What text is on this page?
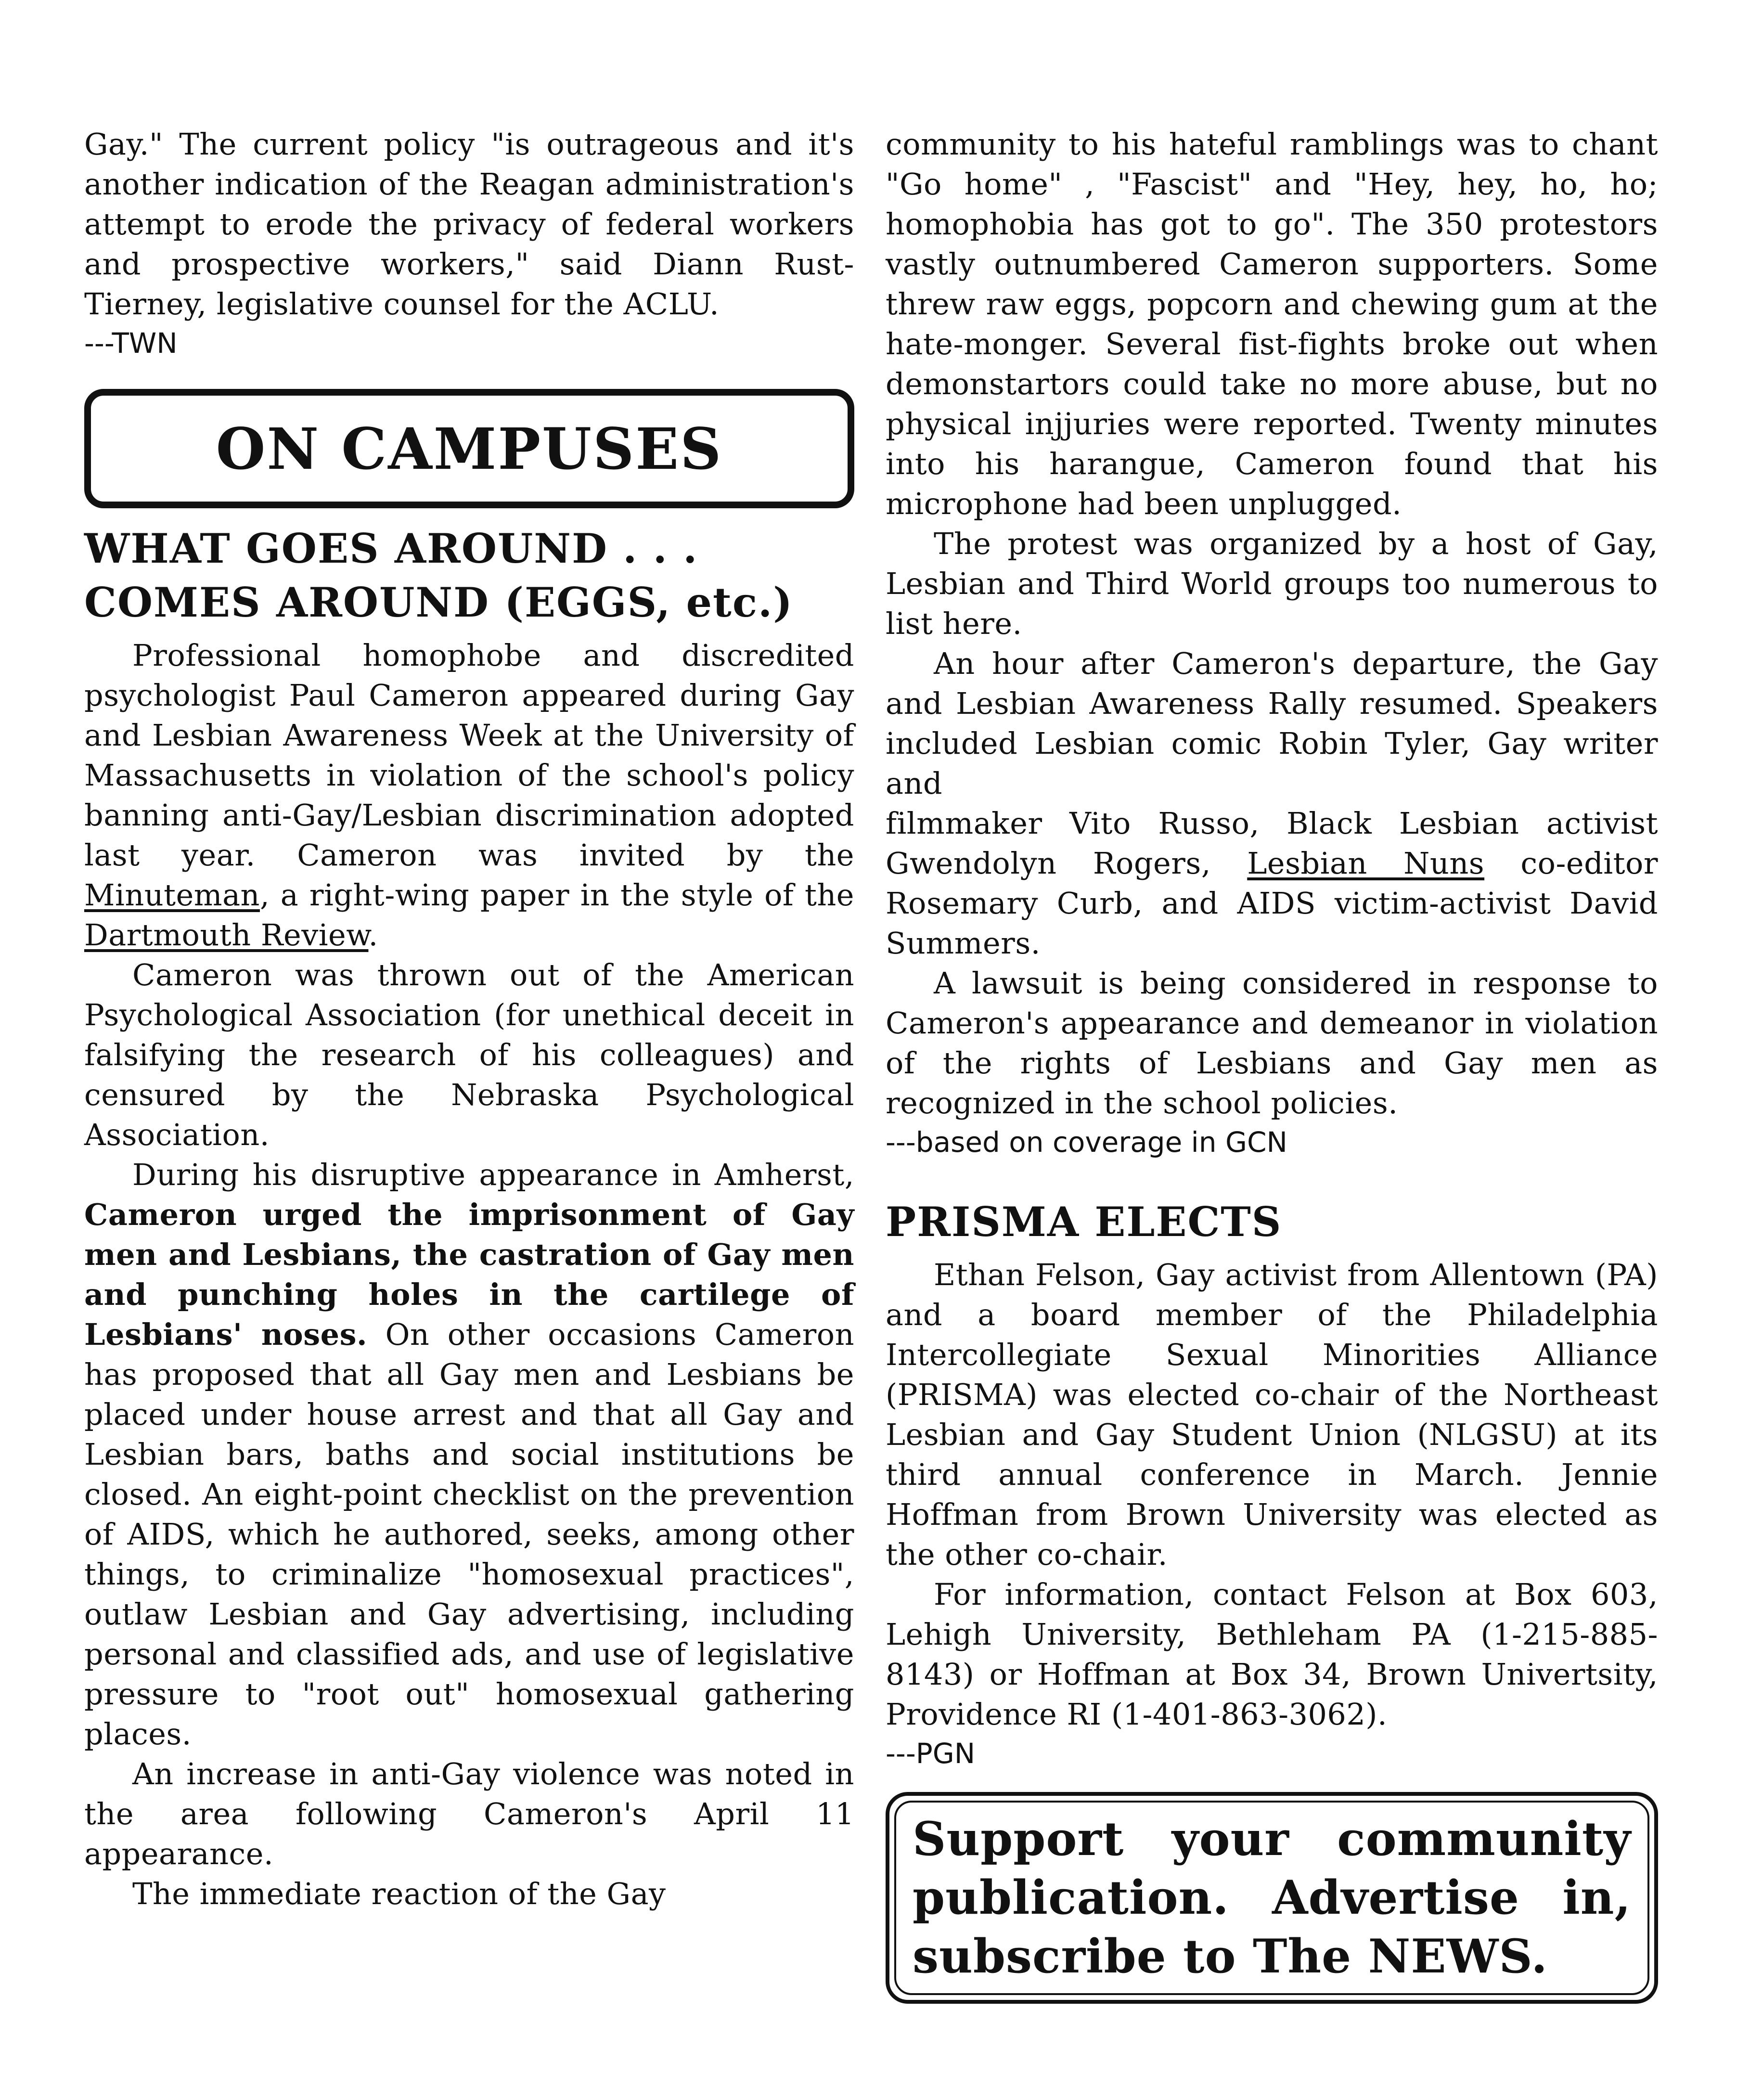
Gay." The current policy "is outrageous and it's another indication of the Reagan administration's attempt to erode the privacy of federal workers and prospective workers," said Diann Rust-Tierney, legislative counsel for the ACLU.

---TWN

ON CAMPUSES
WHAT GOES AROUND . . .
COMES AROUND (EGGS, etc.)

Professional homophobe and discredited psychologist Paul Cameron appeared during Gay and Lesbian Awareness Week at the University of Massachusetts in violation of the school's policy banning anti-Gay/Lesbian discrimination adopted last year. Cameron was invited by the Minuteman, a right-wing paper in the style of the Dartmouth Review.

Cameron was thrown out of the American Psychological Association (for unethical deceit in falsifying the research of his colleagues) and censured by the Nebraska Psychological Association.

During his disruptive appearance in Amherst, Cameron urged the imprisonment of Gay men and Lesbians, the castration of Gay men and punching holes in the cartilege of Lesbians' noses. On other occasions Cameron has proposed that all Gay men and Lesbians be placed under house arrest and that all Gay and Lesbian bars, baths and social institutions be closed. An eight-point checklist on the prevention of AIDS, which he authored, seeks, among other things, to criminalize "homosexual practices", outlaw Lesbian and Gay advertising, including personal and classified ads, and use of legislative pressure to "root out" homosexual gathering places.

An increase in anti-Gay violence was noted in the area following Cameron's April 11 appearance.

The immediate reaction of the Gay

community to his hateful ramblings was to chant "Go home" , "Fascist" and "Hey, hey, ho, ho; homophobia has got to go". The 350 protestors vastly outnumbered Cameron supporters. Some threw raw eggs, popcorn and chewing gum at the hate-monger. Several fist-fights broke out when demonstartors could take no more abuse, but no physical injjuries were reported. Twenty minutes into his harangue, Cameron found that his microphone had been unplugged.

The protest was organized by a host of Gay, Lesbian and Third World groups too numerous to list here.

An hour after Cameron's departure, the Gay and Lesbian Awareness Rally resumed. Speakers included Lesbian comic Robin Tyler, Gay writer and

filmmaker Vito Russo, Black Lesbian activist Gwendolyn Rogers, Lesbian Nuns co-editor Rosemary Curb, and AIDS victim-activist David Summers.

A lawsuit is being considered in response to Cameron's appearance and demeanor in violation of the rights of Lesbians and Gay men as recognized in the school policies.

---based on coverage in GCN

PRISMA ELECTS

Ethan Felson, Gay activist from Allentown (PA) and a board member of the Philadelphia Intercollegiate Sexual Minorities Alliance (PRISMA) was elected co-chair of the Northeast Lesbian and Gay Student Union (NLGSU) at its third annual conference in March. Jennie Hoffman from Brown University was elected as the other co-chair.

For information, contact Felson at Box 603, Lehigh University, Bethleham PA (1-215-885-8143) or Hoffman at Box 34, Brown Univertsity, Providence RI (1-401-863-3062).

---PGN

Support your community publication. Advertise in, subscribe to The NEWS.
